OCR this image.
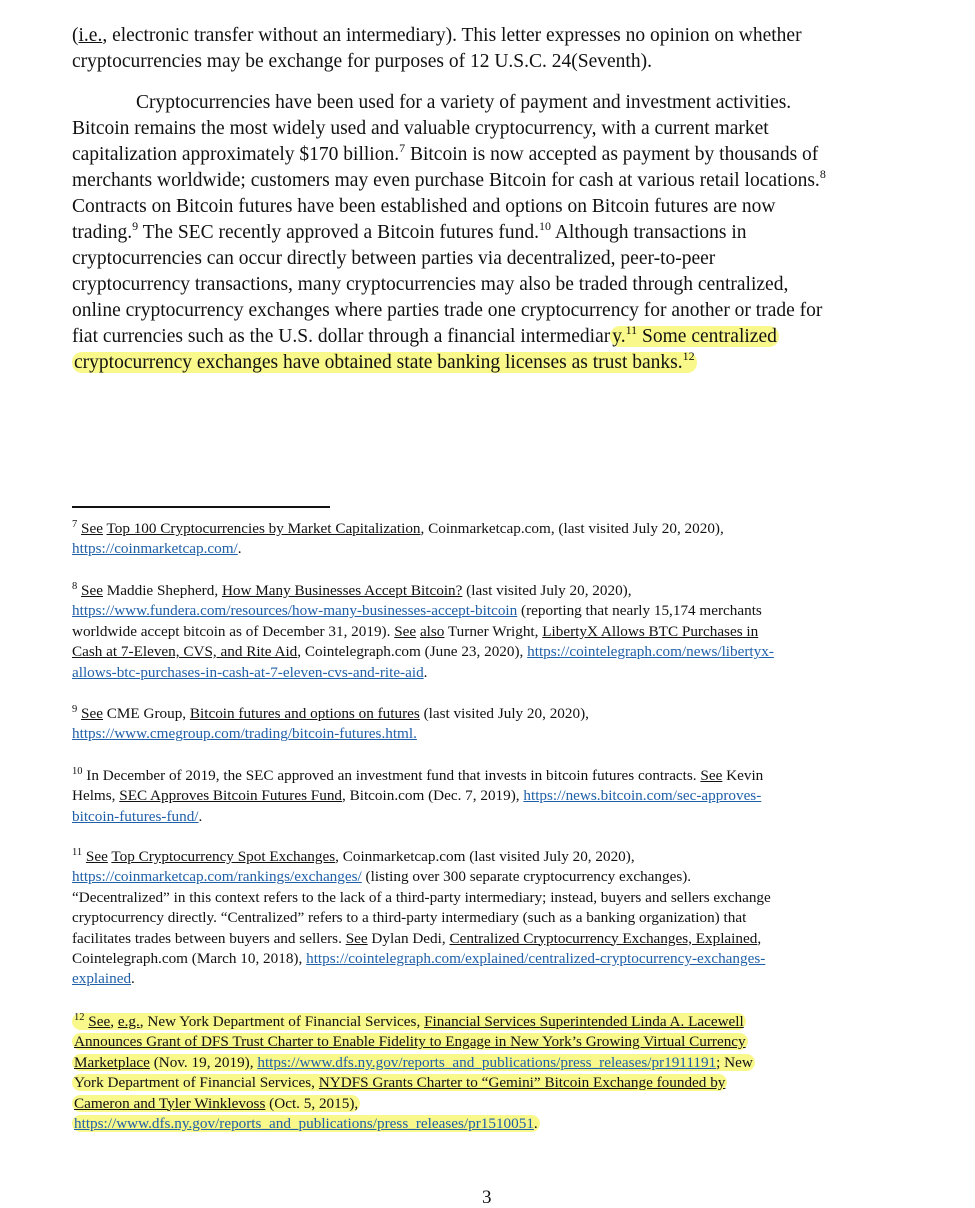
(i.e., electronic transfer without an intermediary). This letter expresses no opinion on whether
cryptocurrencies may be exchange for purposes of 12 U.S.C. 24(Seventh).
Cryptocurrencies have been used for a variety of payment and investment activities.
Bitcoin remains the most widely used and valuable cryptocurrency, with a current market
capitalization approximately $170 billion.$^7$ Bitcoin is now accepted as payment by thousands of
merchants worldwide; customers may even purchase Bitcoin for cash at various retail locations.$^8$
Contracts on Bitcoin futures have been established and options on Bitcoin futures are now
trading.$^9$ The SEC recently approved a Bitcoin futures fund.$^{10}$ Although transactions in
cryptocurrencies can occur directly between parties via decentralized, peer-to-peer
cryptocurrency transactions, many cryptocurrencies may also be traded through centralized,
online cryptocurrency exchanges where parties trade one cryptocurrency for another or trade for
fiat currencies such as the U.S. dollar through a financial intermediar y.$^{11}$ Some centralized
cryptocurrency exchanges have obtained state banking licenses as trust banks.$^{12}$
$^7$ See Top 100 Cryptocurrencies by Market Capitalization, Coinmarketcap.com, (last visited July 20, 2020),
https://coinmarketcap.com/.
$^8$ See Maddie Shepherd, How Many Businesses Accept Bitcoin? (last visited July 20, 2020),
https://www.fundera.com/resources/how-many-businesses-accept-bitcoin (reporting that nearly 15,174 merchants
worldwide accept bitcoin as of December 31, 2019). See also Turner Wright, LibertyX Allows BTC Purchases in
Cash at 7-Eleven, CVS, and Rite Aid, Cointelegraph.com (June 23, 2020), https://cointelegraph.com/news/libertyx-
allows-btc-purchases-in-cash-at-7-eleven-cvs-and-rite-aid.
$^9$ See CME Group, Bitcoin futures and options on futures (last visited July 20, 2020),
https://www.cmegroup.com/trading/bitcoin-futures.html.
$^{10}$ In December of 2019, the SEC approved an investment fund that invests in bitcoin futures contracts. See Kevin
Helms, SEC Approves Bitcoin Futures Fund, Bitcoin.com (Dec. 7, 2019), https://news.bitcoin.com/sec-approves-
bitcoin-futures-fund/.
$^{11}$ See Top Cryptocurrency Spot Exchanges, Coinmarketcap.com (last visited July 20, 2020),
https://coinmarketcap.com/rankings/exchanges/ (listing over 300 separate cryptocurrency exchanges).
“Decentralized” in this context refers to the lack of a third-party intermediary; instead, buyers and sellers exchange
cryptocurrency directly. “Centralized” refers to a third-party intermediary (such as a banking organization) that
facilitates trades between buyers and sellers. See Dylan Dedi, Centralized Cryptocurrency Exchanges, Explained,
Cointelegraph.com (March 10, 2018), https://cointelegraph.com/explained/centralized-cryptocurrency-exchanges-
explained.
$^{12}$ See, e.g., New York Department of Financial Services, Financial Services Superintended Linda A. Lacewell
Announces Grant of DFS Trust Charter to Enable Fidelity to Engage in New York’s Growing Virtual Currency
Marketplace (Nov. 19, 2019), https://www.dfs.ny.gov/reports_and_publications/press_releases/pr1911191; New
York Department of Financial Services, NYDFS Grants Charter to “Gemini” Bitcoin Exchange founded by
Cameron and Tyler Winklevoss (Oct. 5, 2015),
https://www.dfs.ny.gov/reports_and_publications/press_releases/pr1510051.
3
